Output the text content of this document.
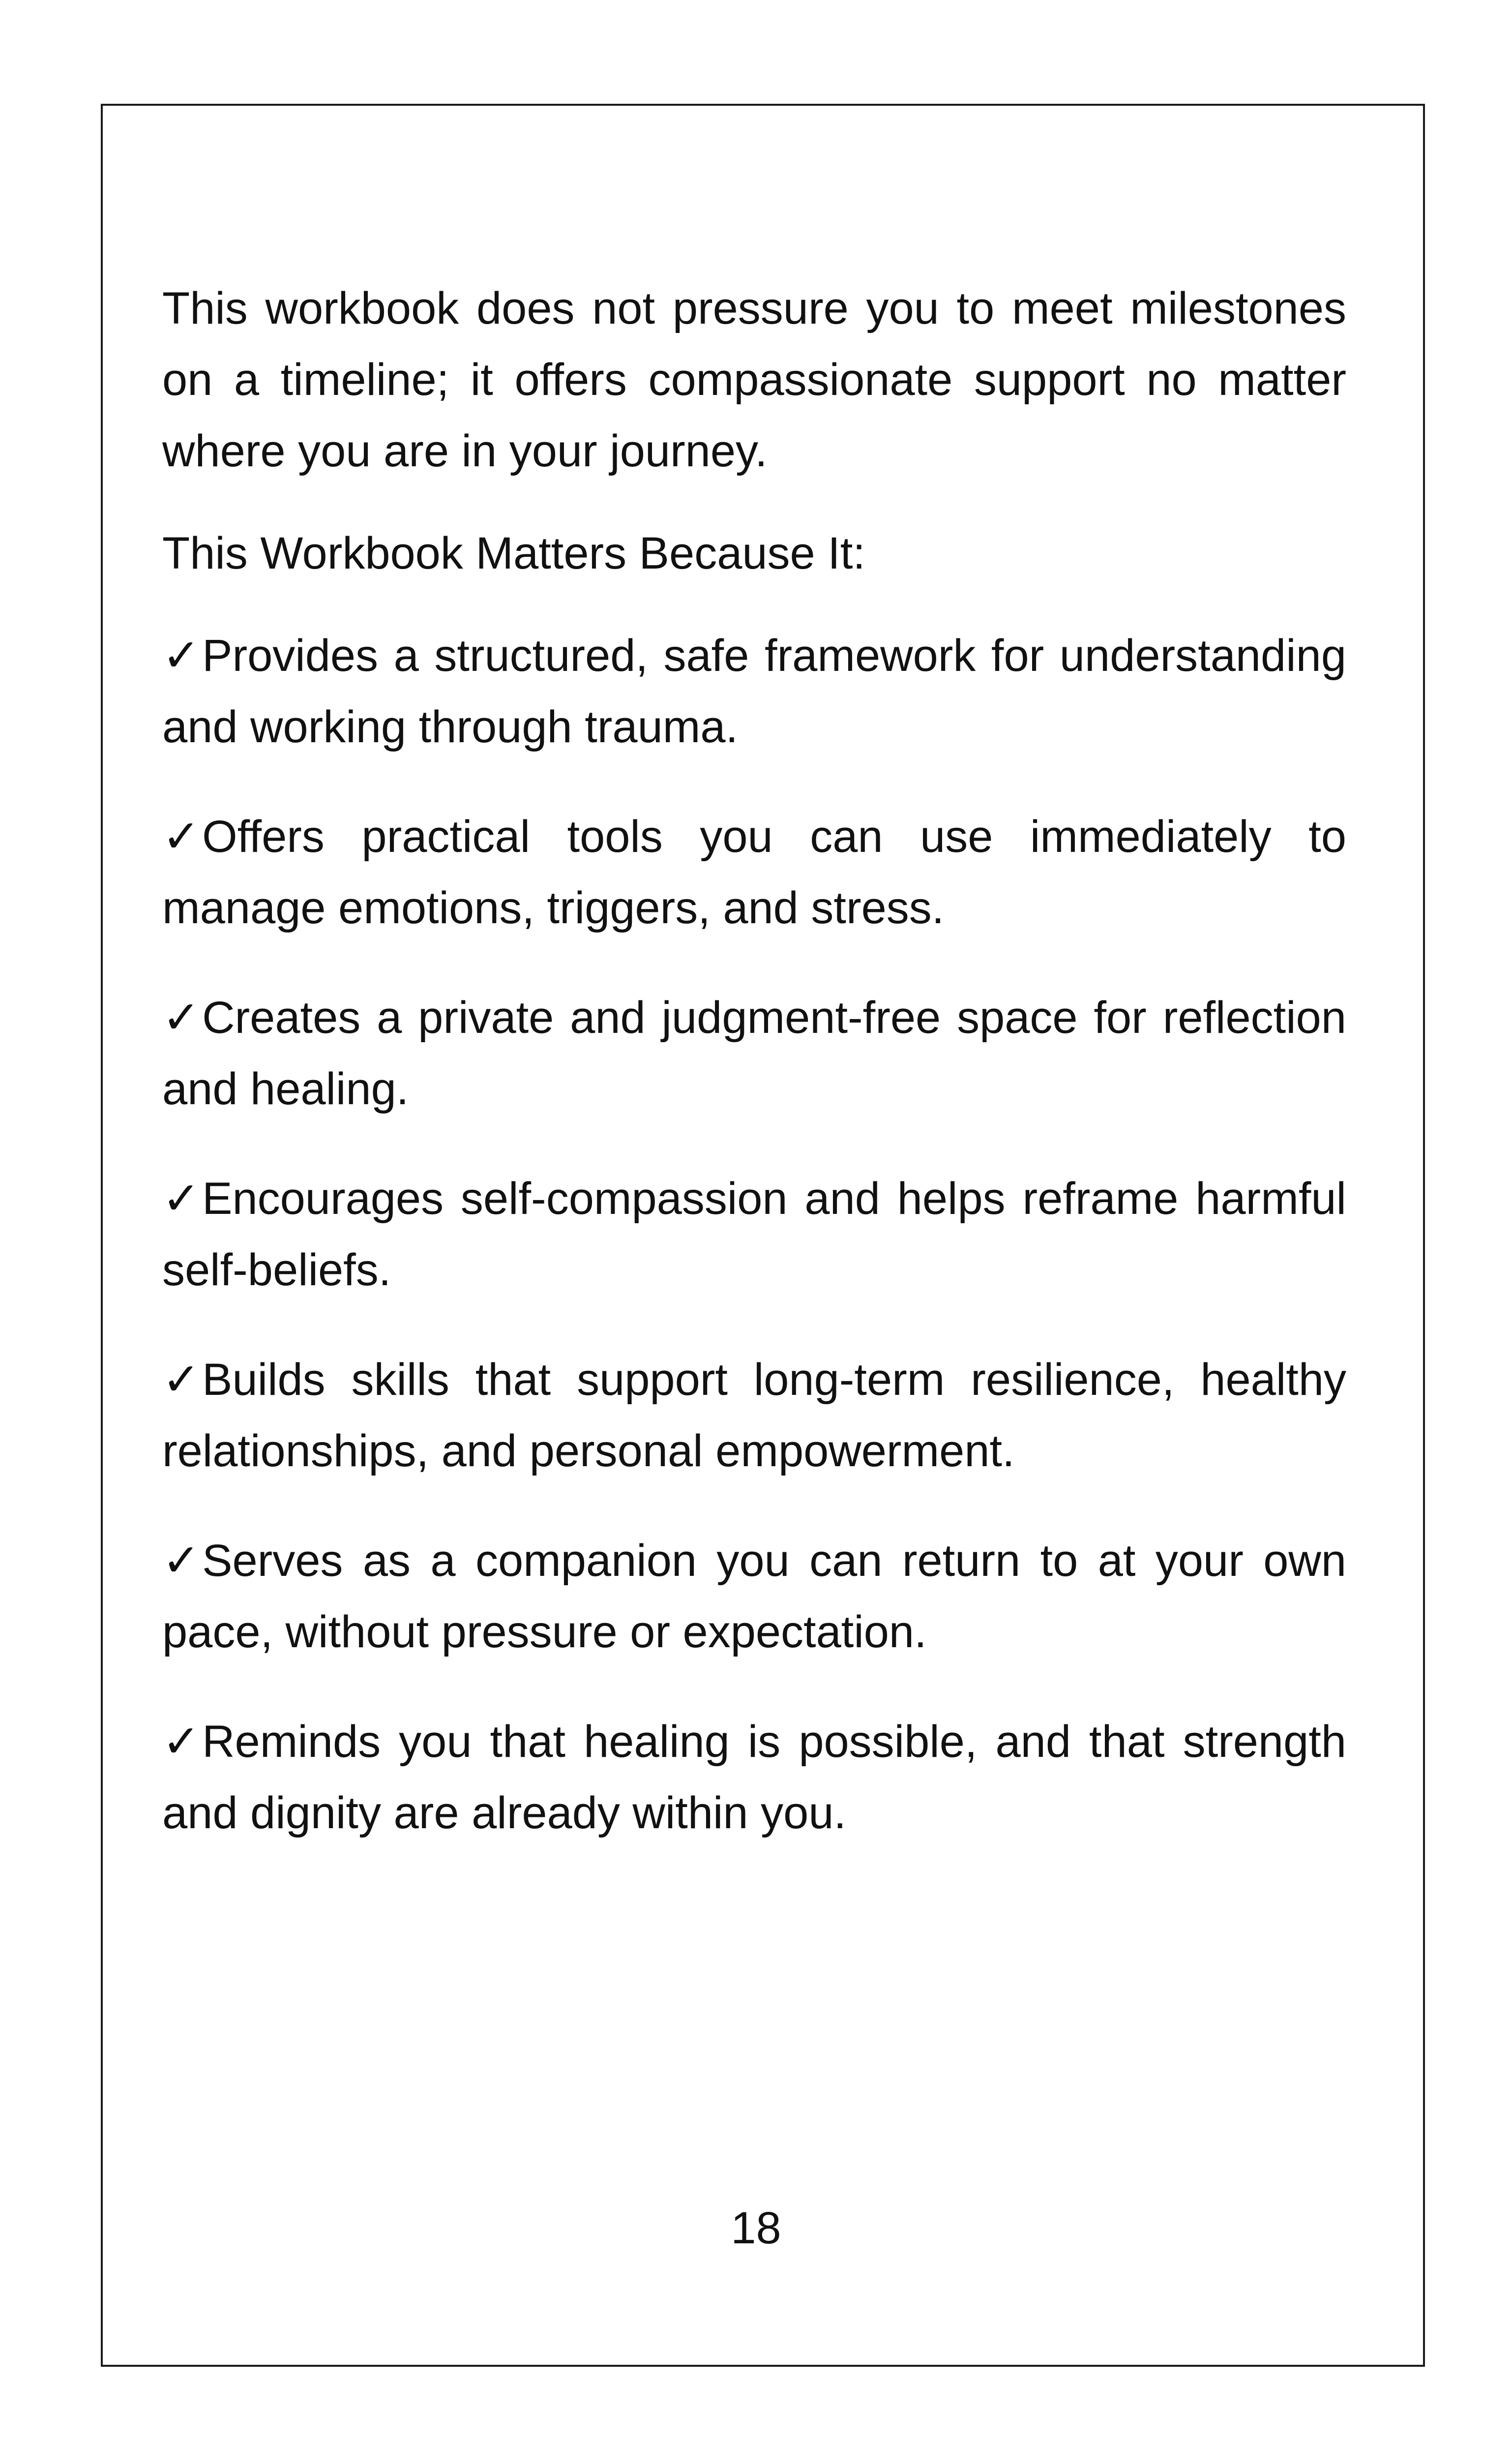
This workbook does not pressure you to meet milestones on a timeline; it offers compassionate support no matter where you are in your journey.

This Workbook Matters Because It:

✓Provides a structured, safe framework for understanding and working through trauma.

✓Offers practical tools you can use immediately to manage emotions, triggers, and stress.

✓Creates a private and judgment-free space for reflection and healing.

✓Encourages self-compassion and helps reframe harmful self-beliefs.

✓Builds skills that support long-term resilience, healthy relationships, and personal empowerment.

✓Serves as a companion you can return to at your own pace, without pressure or expectation.

✓Reminds you that healing is possible, and that strength and dignity are already within you.

18
